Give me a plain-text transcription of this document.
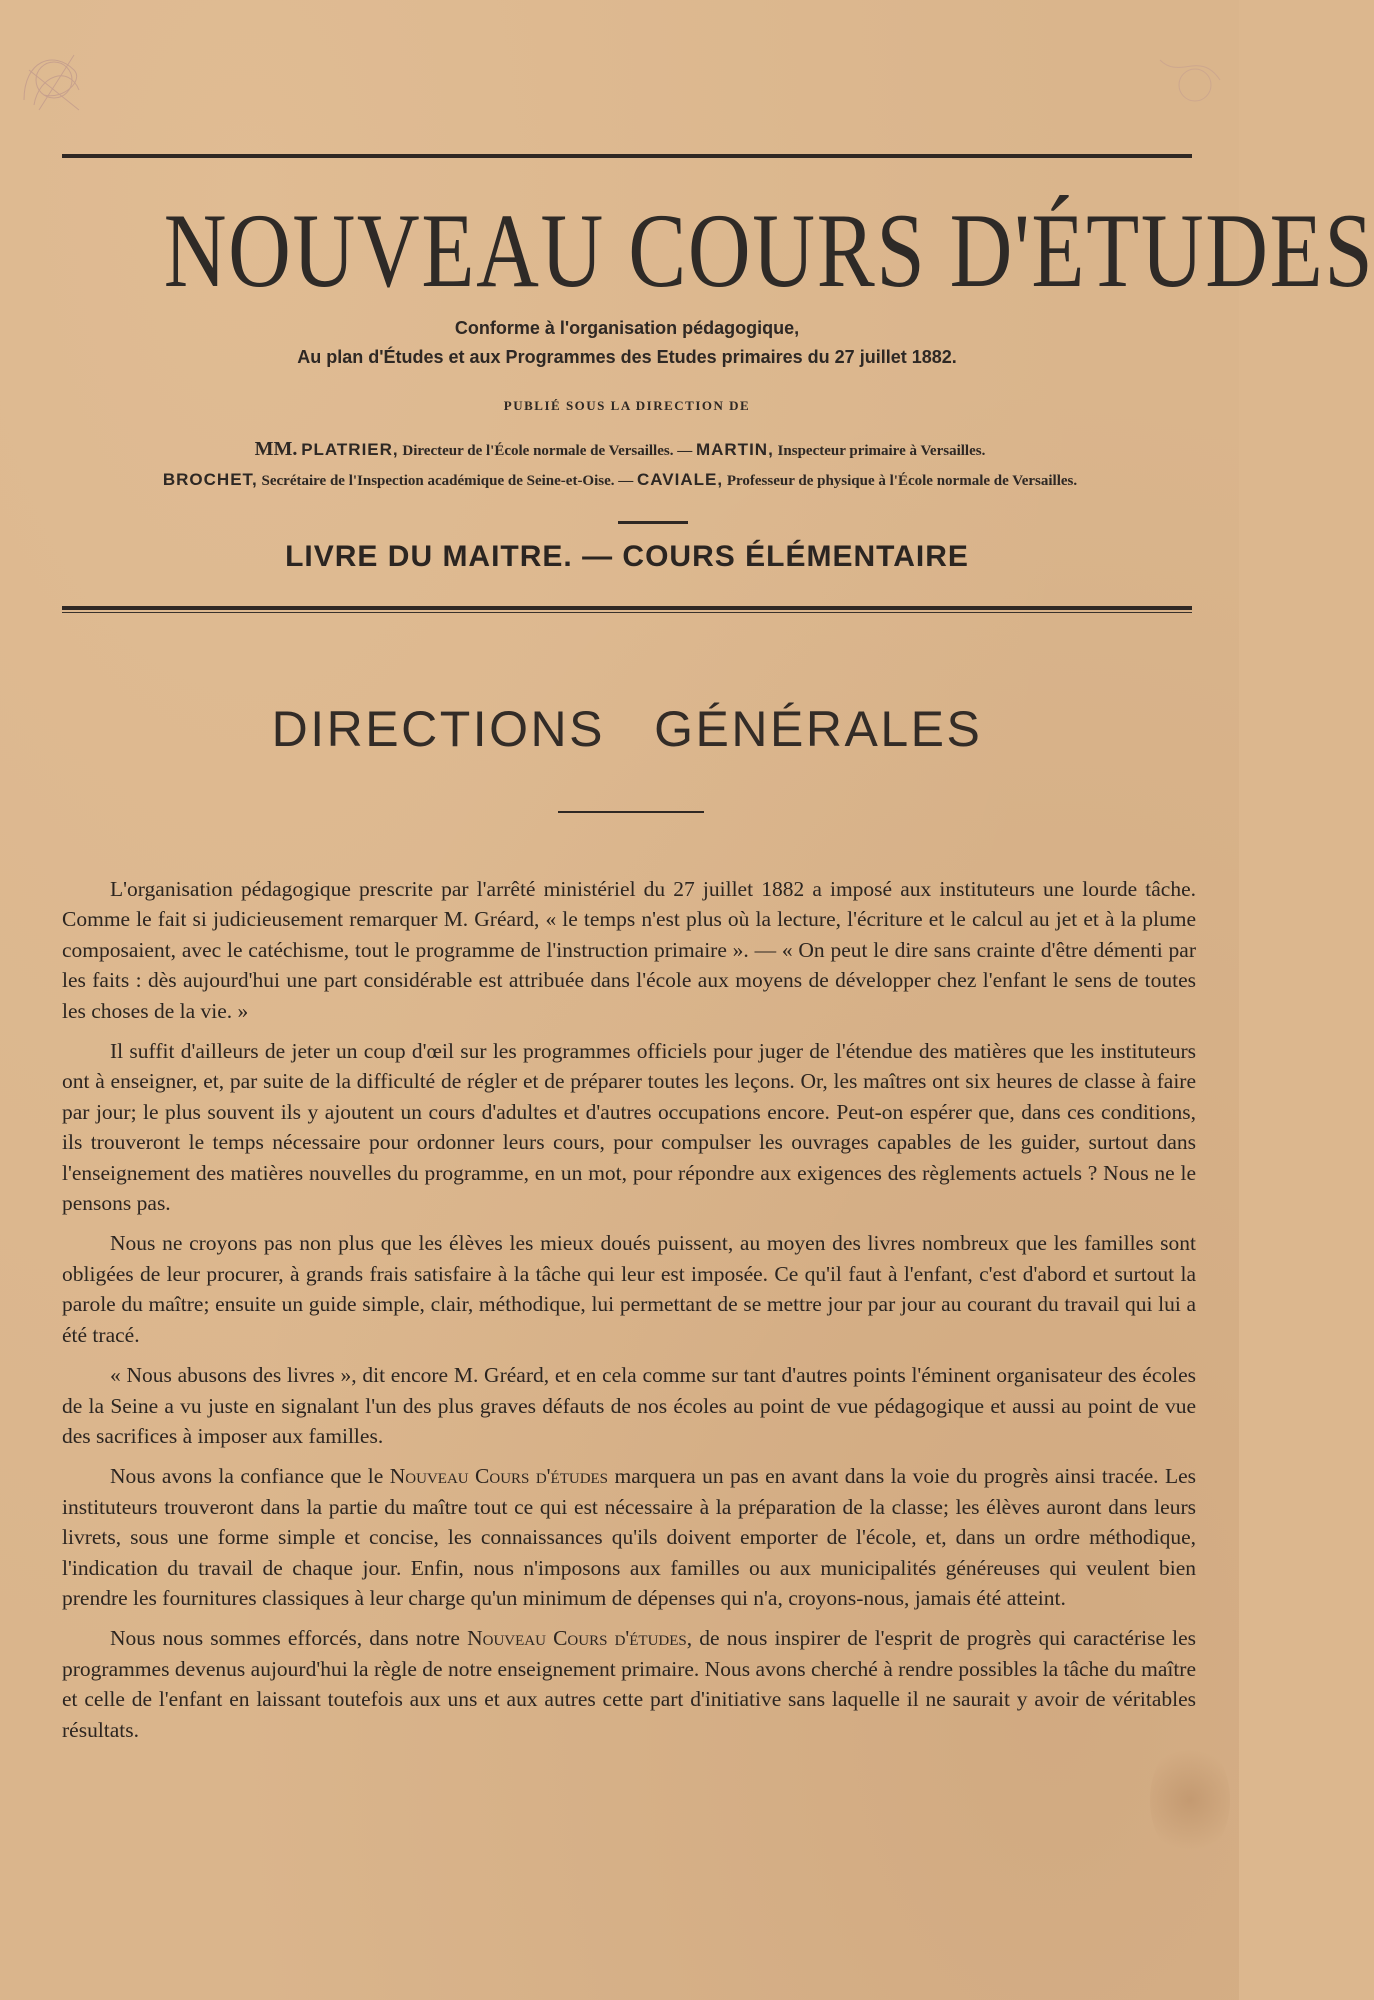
NOUVEAU COURS D'ÉTUDES
Conforme à l'organisation pédagogique,
Au plan d'Études et aux Programmes des Etudes primaires du 27 juillet 1882.
PUBLIÉ SOUS LA DIRECTION DE
MM. PLATRIER, Directeur de l'École normale de Versailles. — MARTIN, Inspecteur primaire à Versailles.
BROCHET, Secrétaire de l'Inspection académique de Seine-et-Oise. — CAVIALE, Professeur de physique à l'École normale de Versailles.
LIVRE DU MAITRE. — COURS ÉLÉMENTAIRE
DIRECTIONS   GÉNÉRALES

L'organisation pédagogique prescrite par l'arrêté ministériel du 27 juillet 1882 a imposé aux instituteurs une lourde tâche. Comme le fait si judicieusement remarquer M. Gréard, « le temps n'est plus où la lecture, l'écriture et le calcul au jet et à la plume composaient, avec le catéchisme, tout le programme de l'instruction primaire ». — « On peut le dire sans crainte d'être démenti par les faits : dès aujourd'hui une part considérable est attribuée dans l'école aux moyens de développer chez l'enfant le sens de toutes les choses de la vie. »

Il suffit d'ailleurs de jeter un coup d'œil sur les programmes officiels pour juger de l'étendue des matières que les instituteurs ont à enseigner, et, par suite de la difficulté de régler et de préparer toutes les leçons. Or, les maîtres ont six heures de classe à faire par jour; le plus souvent ils y ajoutent un cours d'adultes et d'autres occupations encore. Peut-on espérer que, dans ces conditions, ils trouveront le temps nécessaire pour ordonner leurs cours, pour compulser les ouvrages capables de les guider, surtout dans l'enseignement des matières nouvelles du programme, en un mot, pour répondre aux exigences des règlements actuels ? Nous ne le pensons pas.

Nous ne croyons pas non plus que les élèves les mieux doués puissent, au moyen des livres nombreux que les familles sont obligées de leur procurer, à grands frais satisfaire à la tâche qui leur est imposée. Ce qu'il faut à l'enfant, c'est d'abord et surtout la parole du maître; ensuite un guide simple, clair, méthodique, lui permettant de se mettre jour par jour au courant du travail qui lui a été tracé.

« Nous abusons des livres », dit encore M. Gréard, et en cela comme sur tant d'autres points l'éminent organisateur des écoles de la Seine a vu juste en signalant l'un des plus graves défauts de nos écoles au point de vue pédagogique et aussi au point de vue des sacrifices à imposer aux familles.

Nous avons la confiance que le Nouveau Cours d'études marquera un pas en avant dans la voie du progrès ainsi tracée. Les instituteurs trouveront dans la partie du maître tout ce qui est nécessaire à la préparation de la classe; les élèves auront dans leurs livrets, sous une forme simple et concise, les connaissances qu'ils doivent emporter de l'école, et, dans un ordre méthodique, l'indication du travail de chaque jour. Enfin, nous n'imposons aux familles ou aux municipalités généreuses qui veulent bien prendre les fournitures classiques à leur charge qu'un minimum de dépenses qui n'a, croyons-nous, jamais été atteint.

Nous nous sommes efforcés, dans notre Nouveau Cours d'études, de nous inspirer de l'esprit de progrès qui caractérise les programmes devenus aujourd'hui la règle de notre enseignement primaire. Nous avons cherché à rendre possibles la tâche du maître et celle de l'enfant en laissant toutefois aux uns et aux autres cette part d'initiative sans laquelle il ne saurait y avoir de véritables résultats.
